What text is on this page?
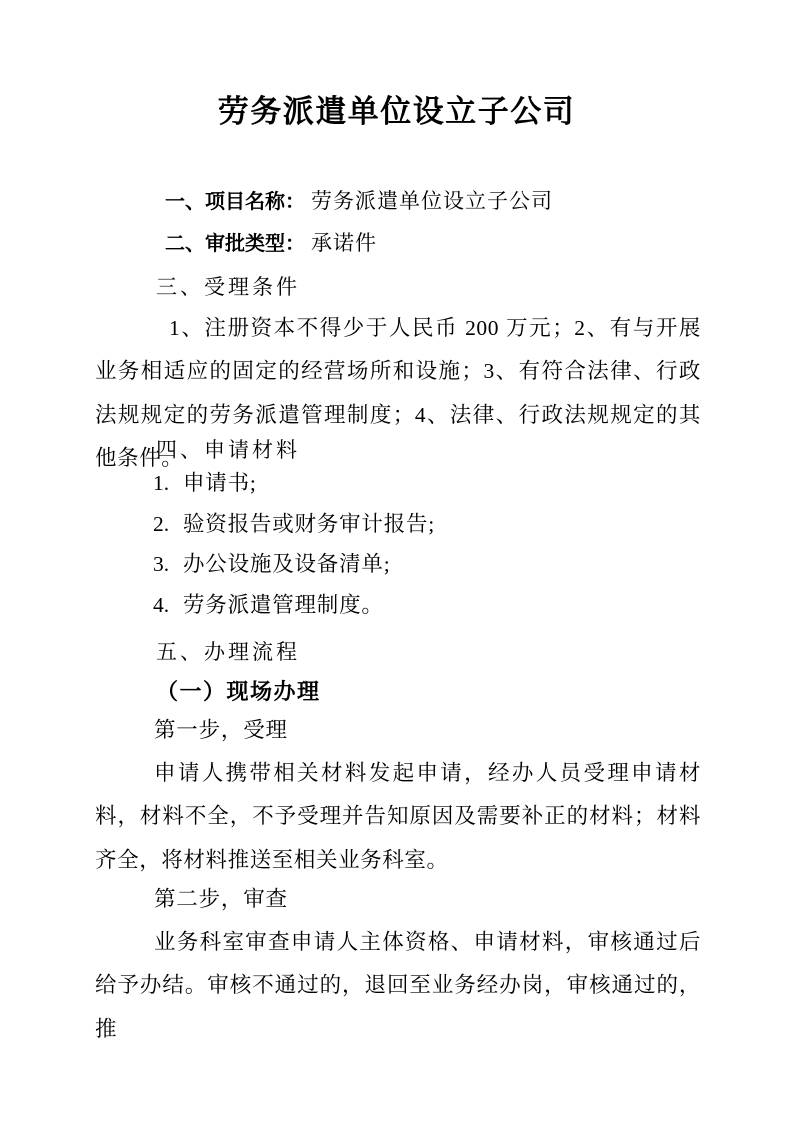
劳务派遣单位设立子公司
一、项目名称： 劳务派遣单位设立子公司
二、审批类型： 承诺件
三、受理条件
1、注册资本不得少于人民币 200 万元；2、有与开展业务相适应的固定的经营场所和设施；3、有符合法律、行政法规规定的劳务派遣管理制度；4、法律、行政法规规定的其他条件。
四、申请材料
1. 申请书;
2. 验资报告或财务审计报告;
3. 办公设施及设备清单;
4. 劳务派遣管理制度。
五、办理流程
（一）现场办理
第一步，受理
申请人携带相关材料发起申请，经办人员受理申请材料，材料不全，不予受理并告知原因及需要补正的材料；材料齐全，将材料推送至相关业务科室。
第二步，审查
业务科室审查申请人主体资格、申请材料，审核通过后给予办结。审核不通过的，退回至业务经办岗，审核通过的，推
